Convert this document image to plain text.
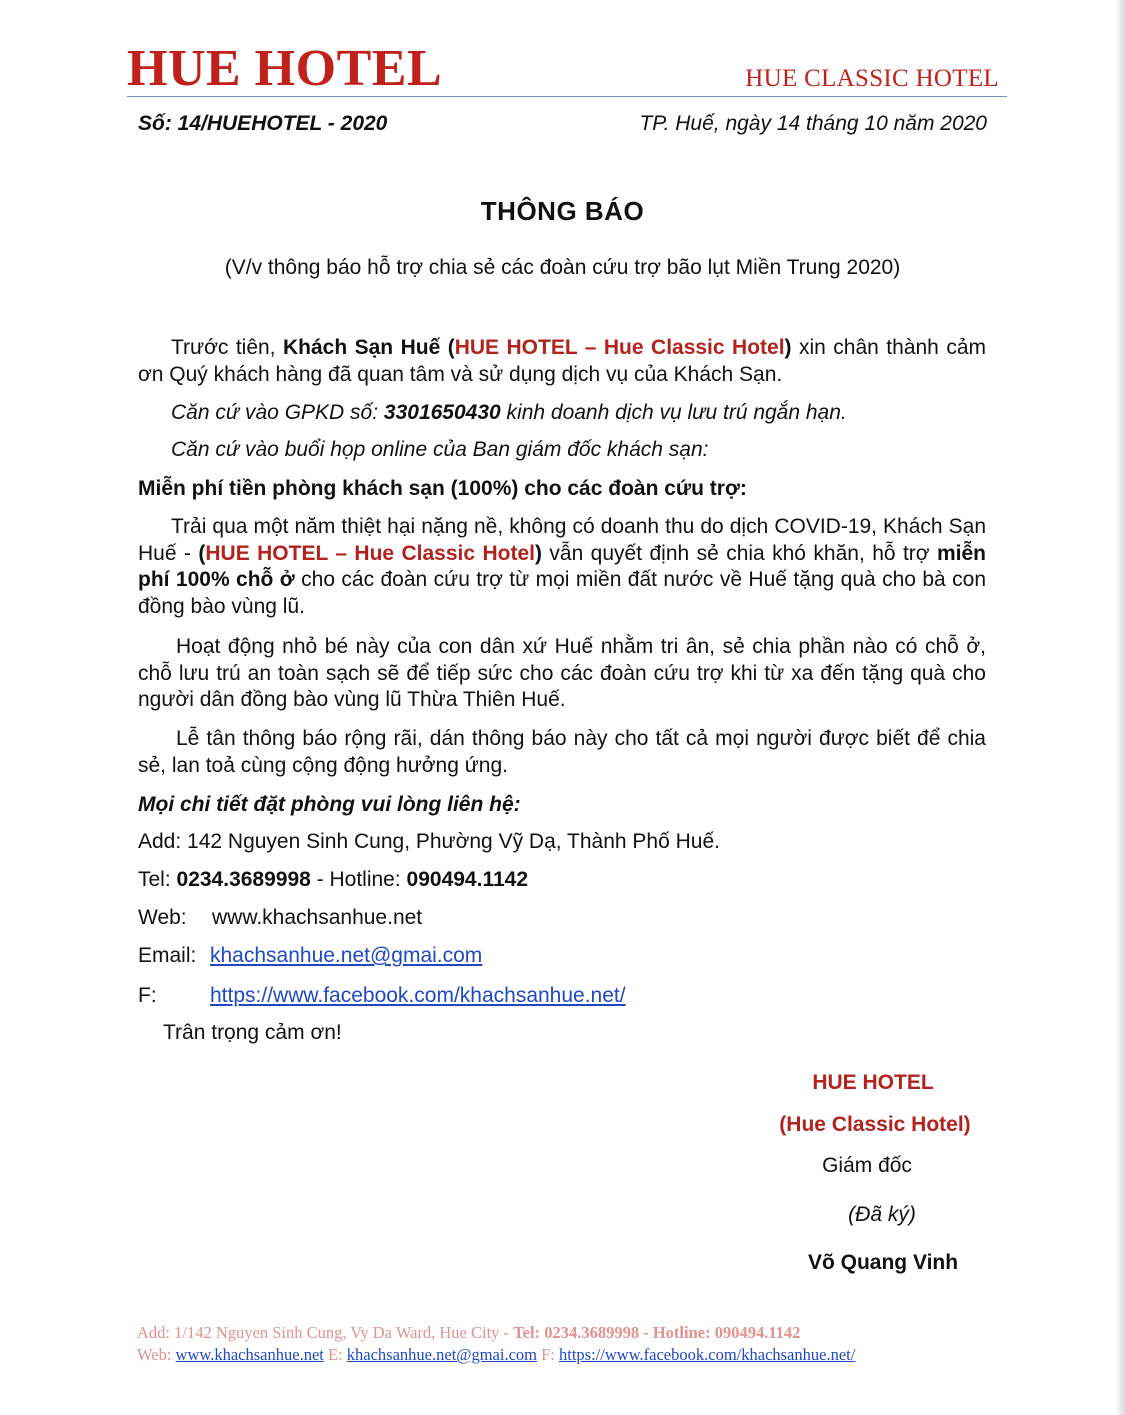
HUE HOTEL	HUE CLASSIC HOTEL
Số: 14/HUEHOTEL - 2020	TP. Huế, ngày 14 tháng 10 năm 2020
THÔNG BÁO
(V/v thông báo hỗ trợ chia sẻ các đoàn cứu trợ bão lụt Miền Trung 2020)
Trước tiên, Khách Sạn Huế (HUE HOTEL – Hue Classic Hotel) xin chân thành cảm ơn Quý khách hàng đã quan tâm và sử dụng dịch vụ của Khách Sạn.
Căn cứ vào GPKD số: 3301650430 kinh doanh dịch vụ lưu trú ngắn hạn.
Căn cứ vào buổi họp online của Ban giám đốc khách sạn:
Miễn phí tiền phòng khách sạn (100%) cho các đoàn cứu trợ:
Trải qua một năm thiệt hại nặng nề, không có doanh thu do dịch COVID-19, Khách Sạn Huế - (HUE HOTEL – Hue Classic Hotel) vẫn quyết định sẻ chia khó khăn, hỗ trợ miễn phí 100% chỗ ở cho các đoàn cứu trợ từ mọi miền đất nước về Huế tặng quà cho bà con đồng bào vùng lũ.
Hoạt động nhỏ bé này của con dân xứ Huế nhằm tri ân, sẻ chia phần nào có chỗ ở, chỗ lưu trú an toàn sạch sẽ để tiếp sức cho các đoàn cứu trợ khi từ xa đến tặng quà cho người dân đồng bào vùng lũ Thừa Thiên Huế.
Lễ tân thông báo rộng rãi, dán thông báo này cho tất cả mọi người được biết để chia sẻ, lan toả cùng cộng động hưởng ứng.
Mọi chi tiết đặt phòng vui lòng liên hệ:
Add: 142 Nguyen Sinh Cung, Phường Vỹ Dạ, Thành Phố Huế.
Tel: 0234.3689998 - Hotline: 090494.1142
Web: www.khachsanhue.net
Email: khachsanhue.net@gmai.com
F:	https://www.facebook.com/khachsanhue.net/
Trân trọng cảm ơn!
HUE HOTEL
(Hue Classic Hotel)
Giám đốc
(Đã ký)
Võ Quang Vinh
Add: 1/142 Nguyen Sinh Cung, Vy Da Ward, Hue City - Tel: 0234.3689998 - Hotline: 090494.1142
Web: www.khachsanhue.net E: khachsanhue.net@gmai.com F: https://www.facebook.com/khachsanhue.net/
